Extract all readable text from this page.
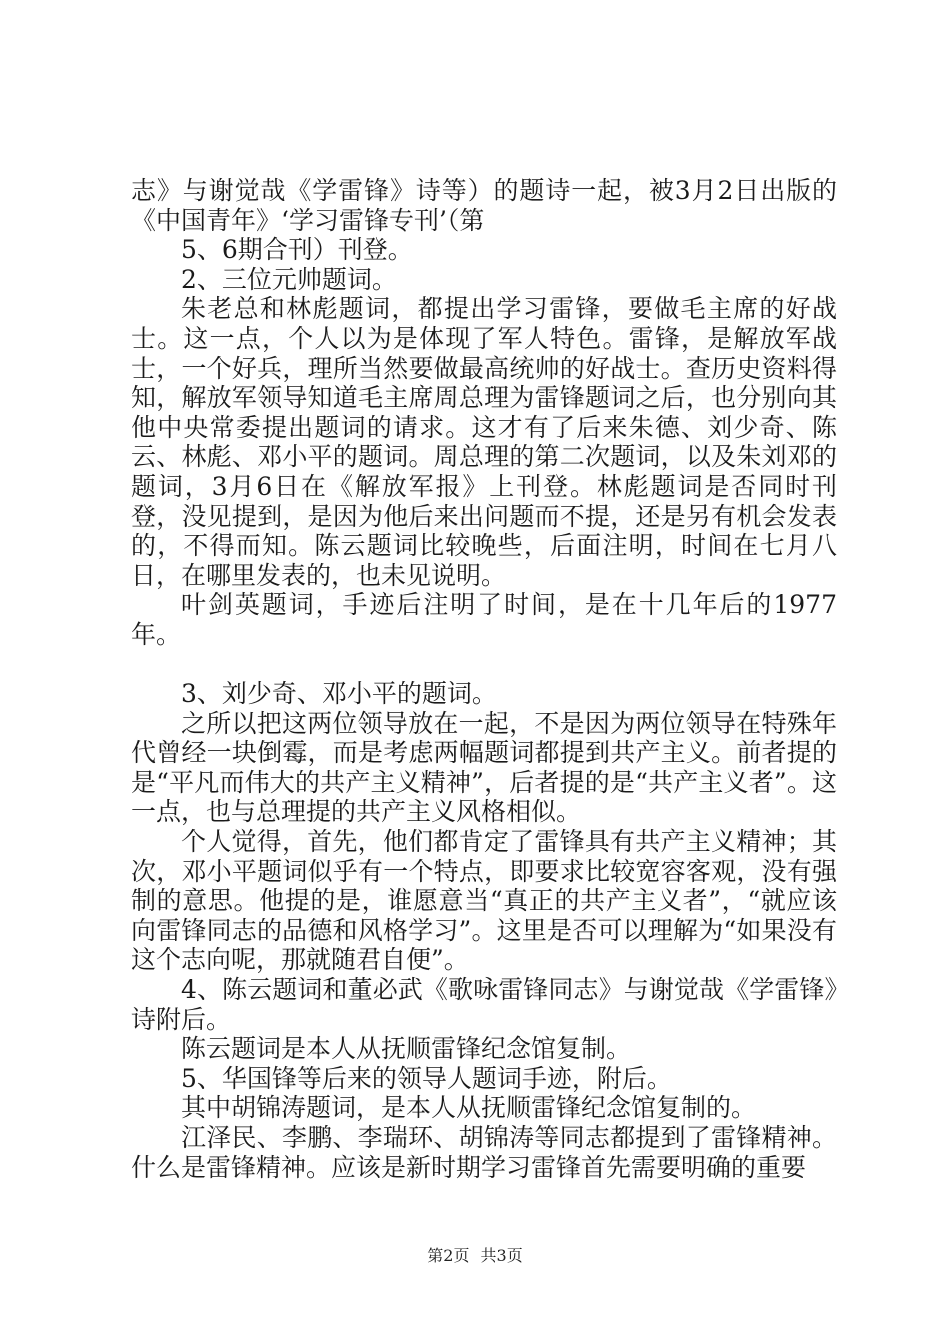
志》与谢觉哉《学雷锋》诗等）的题诗一起，被3月2日出版的《中国青年》‘学习雷锋专刊’（第

5、6期合刊）刊登。

2、三位元帅题词。

朱老总和林彪题词，都提出学习雷锋，要做毛主席的好战士。这一点，个人以为是体现了军人特色。雷锋，是解放军战士，一个好兵，理所当然要做最高统帅的好战士。查历史资料得知，解放军领导知道毛主席周总理为雷锋题词之后，也分别向其他中央常委提出题词的请求。这才有了后来朱德、刘少奇、陈云、林彪、邓小平的题词。周总理的第二次题词，以及朱刘邓的题词，3月6日在《解放军报》上刊登。林彪题词是否同时刊登，没见提到，是因为他后来出问题而不提，还是另有机会发表的，不得而知。陈云题词比较晚些，后面注明，时间在七月八日，在哪里发表的，也未见说明。

叶剑英题词，手迹后注明了时间，是在十几年后的1977年。

3、刘少奇、邓小平的题词。

之所以把这两位领导放在一起，不是因为两位领导在特殊年代曾经一块倒霉，而是考虑两幅题词都提到共产主义。前者提的是“平凡而伟大的共产主义精神”，后者提的是“共产主义者”。这一点，也与总理提的共产主义风格相似。

个人觉得，首先，他们都肯定了雷锋具有共产主义精神；其次，邓小平题词似乎有一个特点，即要求比较宽容客观，没有强制的意思。他提的是，谁愿意当“真正的共产主义者”，“就应该向雷锋同志的品德和风格学习”。这里是否可以理解为“如果没有这个志向呢，那就随君自便”。

4、陈云题词和董必武《歌咏雷锋同志》与谢觉哉《学雷锋》诗附后。

陈云题词是本人从抚顺雷锋纪念馆复制。

5、华国锋等后来的领导人题词手迹，附后。

其中胡锦涛题词，是本人从抚顺雷锋纪念馆复制的。

江泽民、李鹏、李瑞环、胡锦涛等同志都提到了雷锋精神。什么是雷锋精神。应该是新时期学习雷锋首先需要明确的重要

第2页 共3页
